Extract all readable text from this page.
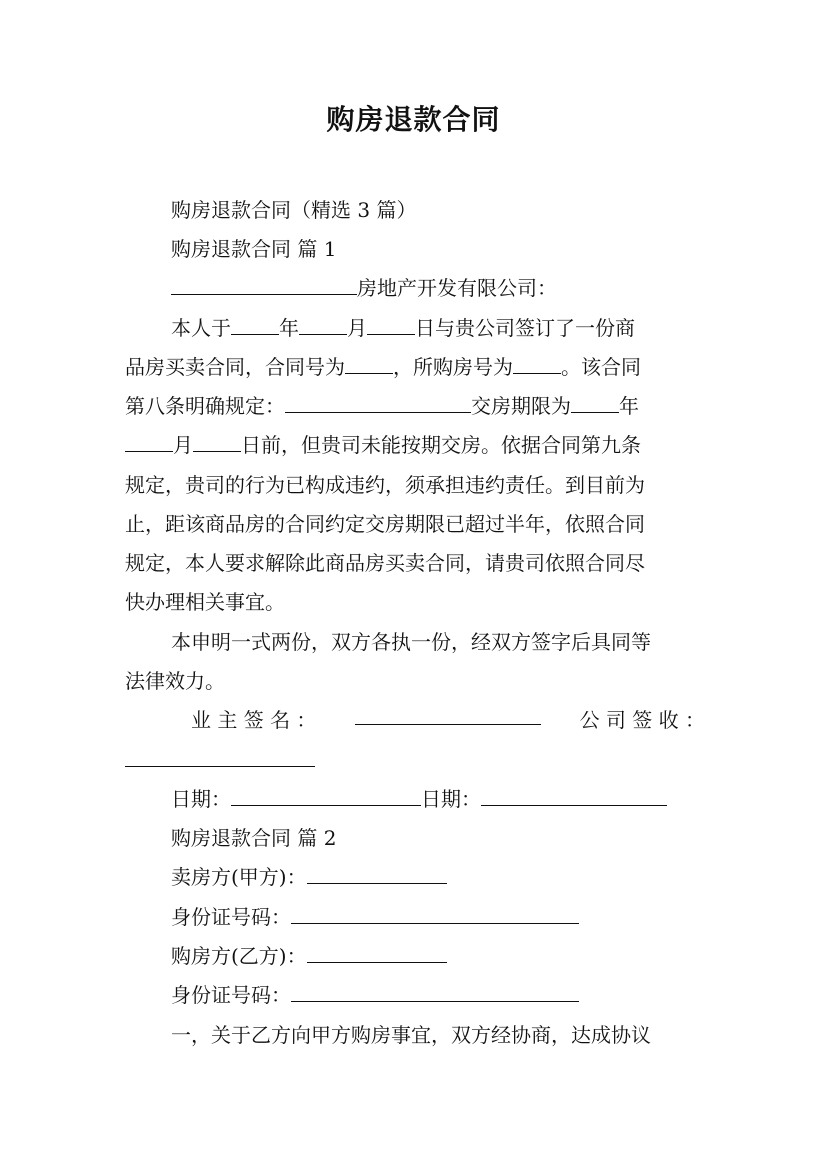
购房退款合同
购房退款合同（精选 3 篇）
购房退款合同 篇 1
房地产开发有限公司：
本人于 年 月 日与贵公司签订了一份商
品房买卖合同，合同号为 ，所购房号为 。该合同
第八条明确规定：	交房期限为 年
月 日前，但贵司未能按期交房。依据合同第九条
规定，贵司的行为已构成违约，须承担违约责任。到目前为
止，距该商品房的合同约定交房期限已超过半年，依照合同
规定，本人要求解除此商品房买卖合同，请贵司依照合同尽
快办理相关事宜。
本申明一式两份，双方各执一份，经双方签字后具同等
法律效力。
业 主 签 名 ：	公 司 签 收 ：
日期：	日期：
购房退款合同 篇 2
卖房方(甲方)：
身份证号码：
购房方(乙方)：
身份证号码：
一，关于乙方向甲方购房事宜，双方经协商，达成协议
